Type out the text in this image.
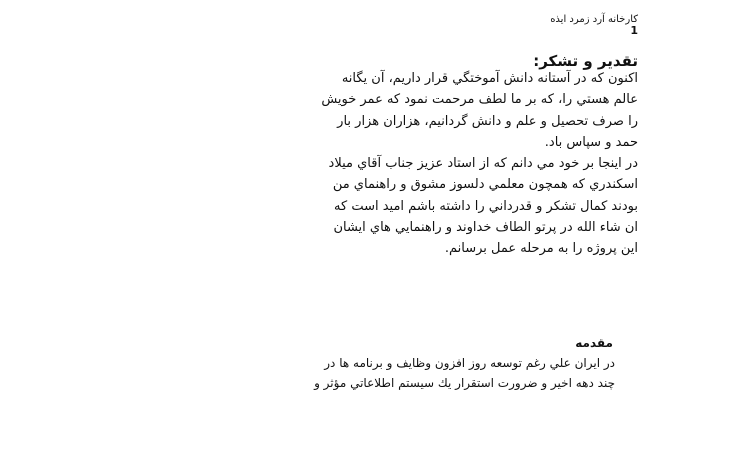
كارخانه آرد زمرد ايذه
1
تقدير و تشكر:

اكنون كه در آستانه دانش آموختگي قرار داريم، آن يگانه
عالم هستي را، كه بر ما لطف مرحمت نمود كه عمر خويش
را صرف تحصيل و علم و دانش گردانيم، هزاران هزار بار
حمد و سپاس باد.

در اينجا بر خود مي دانم كه از استاد عزيز جناب آقاي ميلاد
اسكندري كه همچون معلمي دلسوز مشوق و راهنماي من
بودند كمال تشكر و قدرداني را داشته باشم اميد است كه
ان شاء الله در پرتو الطاف خداوند و راهنمايي هاي ايشان
اين پروژه را به مرحله عمل برسانم.

مقدمه
در ايران علي رغم توسعه روز افزون وظايف و برنامه ها در
چند دهه اخير و ضرورت استقرار يك سيستم اطلاعاتي مؤثر و
